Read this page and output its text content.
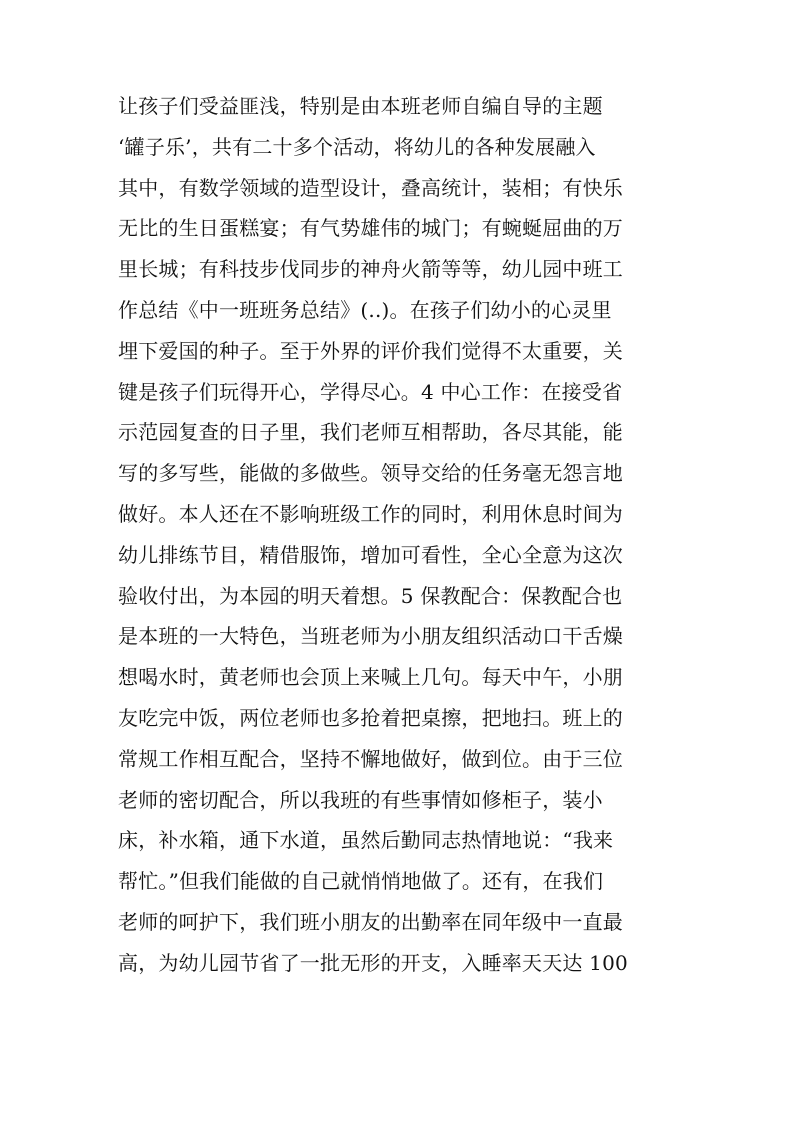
让孩子们受益匪浅，特别是由本班老师自编自导的主题
‘罐子乐’，共有二十多个活动，将幼儿的各种发展融入
其中，有数学领域的造型设计，叠高统计，装相；有快乐
无比的生日蛋糕宴；有气势雄伟的城门；有蜿蜒屈曲的万
里长城；有科技步伐同步的神舟火箭等等，幼儿园中班工
作总结《中一班班务总结》(..)。在孩子们幼小的心灵里
埋下爱国的种子。至于外界的评价我们觉得不太重要，关
键是孩子们玩得开心，学得尽心。4 中心工作：在接受省
示范园复查的日子里，我们老师互相帮助，各尽其能，能
写的多写些，能做的多做些。领导交给的任务毫无怨言地
做好。本人还在不影响班级工作的同时，利用休息时间为
幼儿排练节目，精借服饰，增加可看性，全心全意为这次
验收付出，为本园的明天着想。5 保教配合：保教配合也
是本班的一大特色，当班老师为小朋友组织活动口干舌燥
想喝水时，黄老师也会顶上来喊上几句。每天中午，小朋
友吃完中饭，两位老师也多抢着把桌擦，把地扫。班上的
常规工作相互配合，坚持不懈地做好，做到位。由于三位
老师的密切配合，所以我班的有些事情如修柜子，装小
床，补水箱，通下水道，虽然后勤同志热情地说：“我来
帮忙。”但我们能做的自己就悄悄地做了。还有，在我们
老师的呵护下，我们班小朋友的出勤率在同年级中一直最
高，为幼儿园节省了一批无形的开支，入睡率天天达 100
